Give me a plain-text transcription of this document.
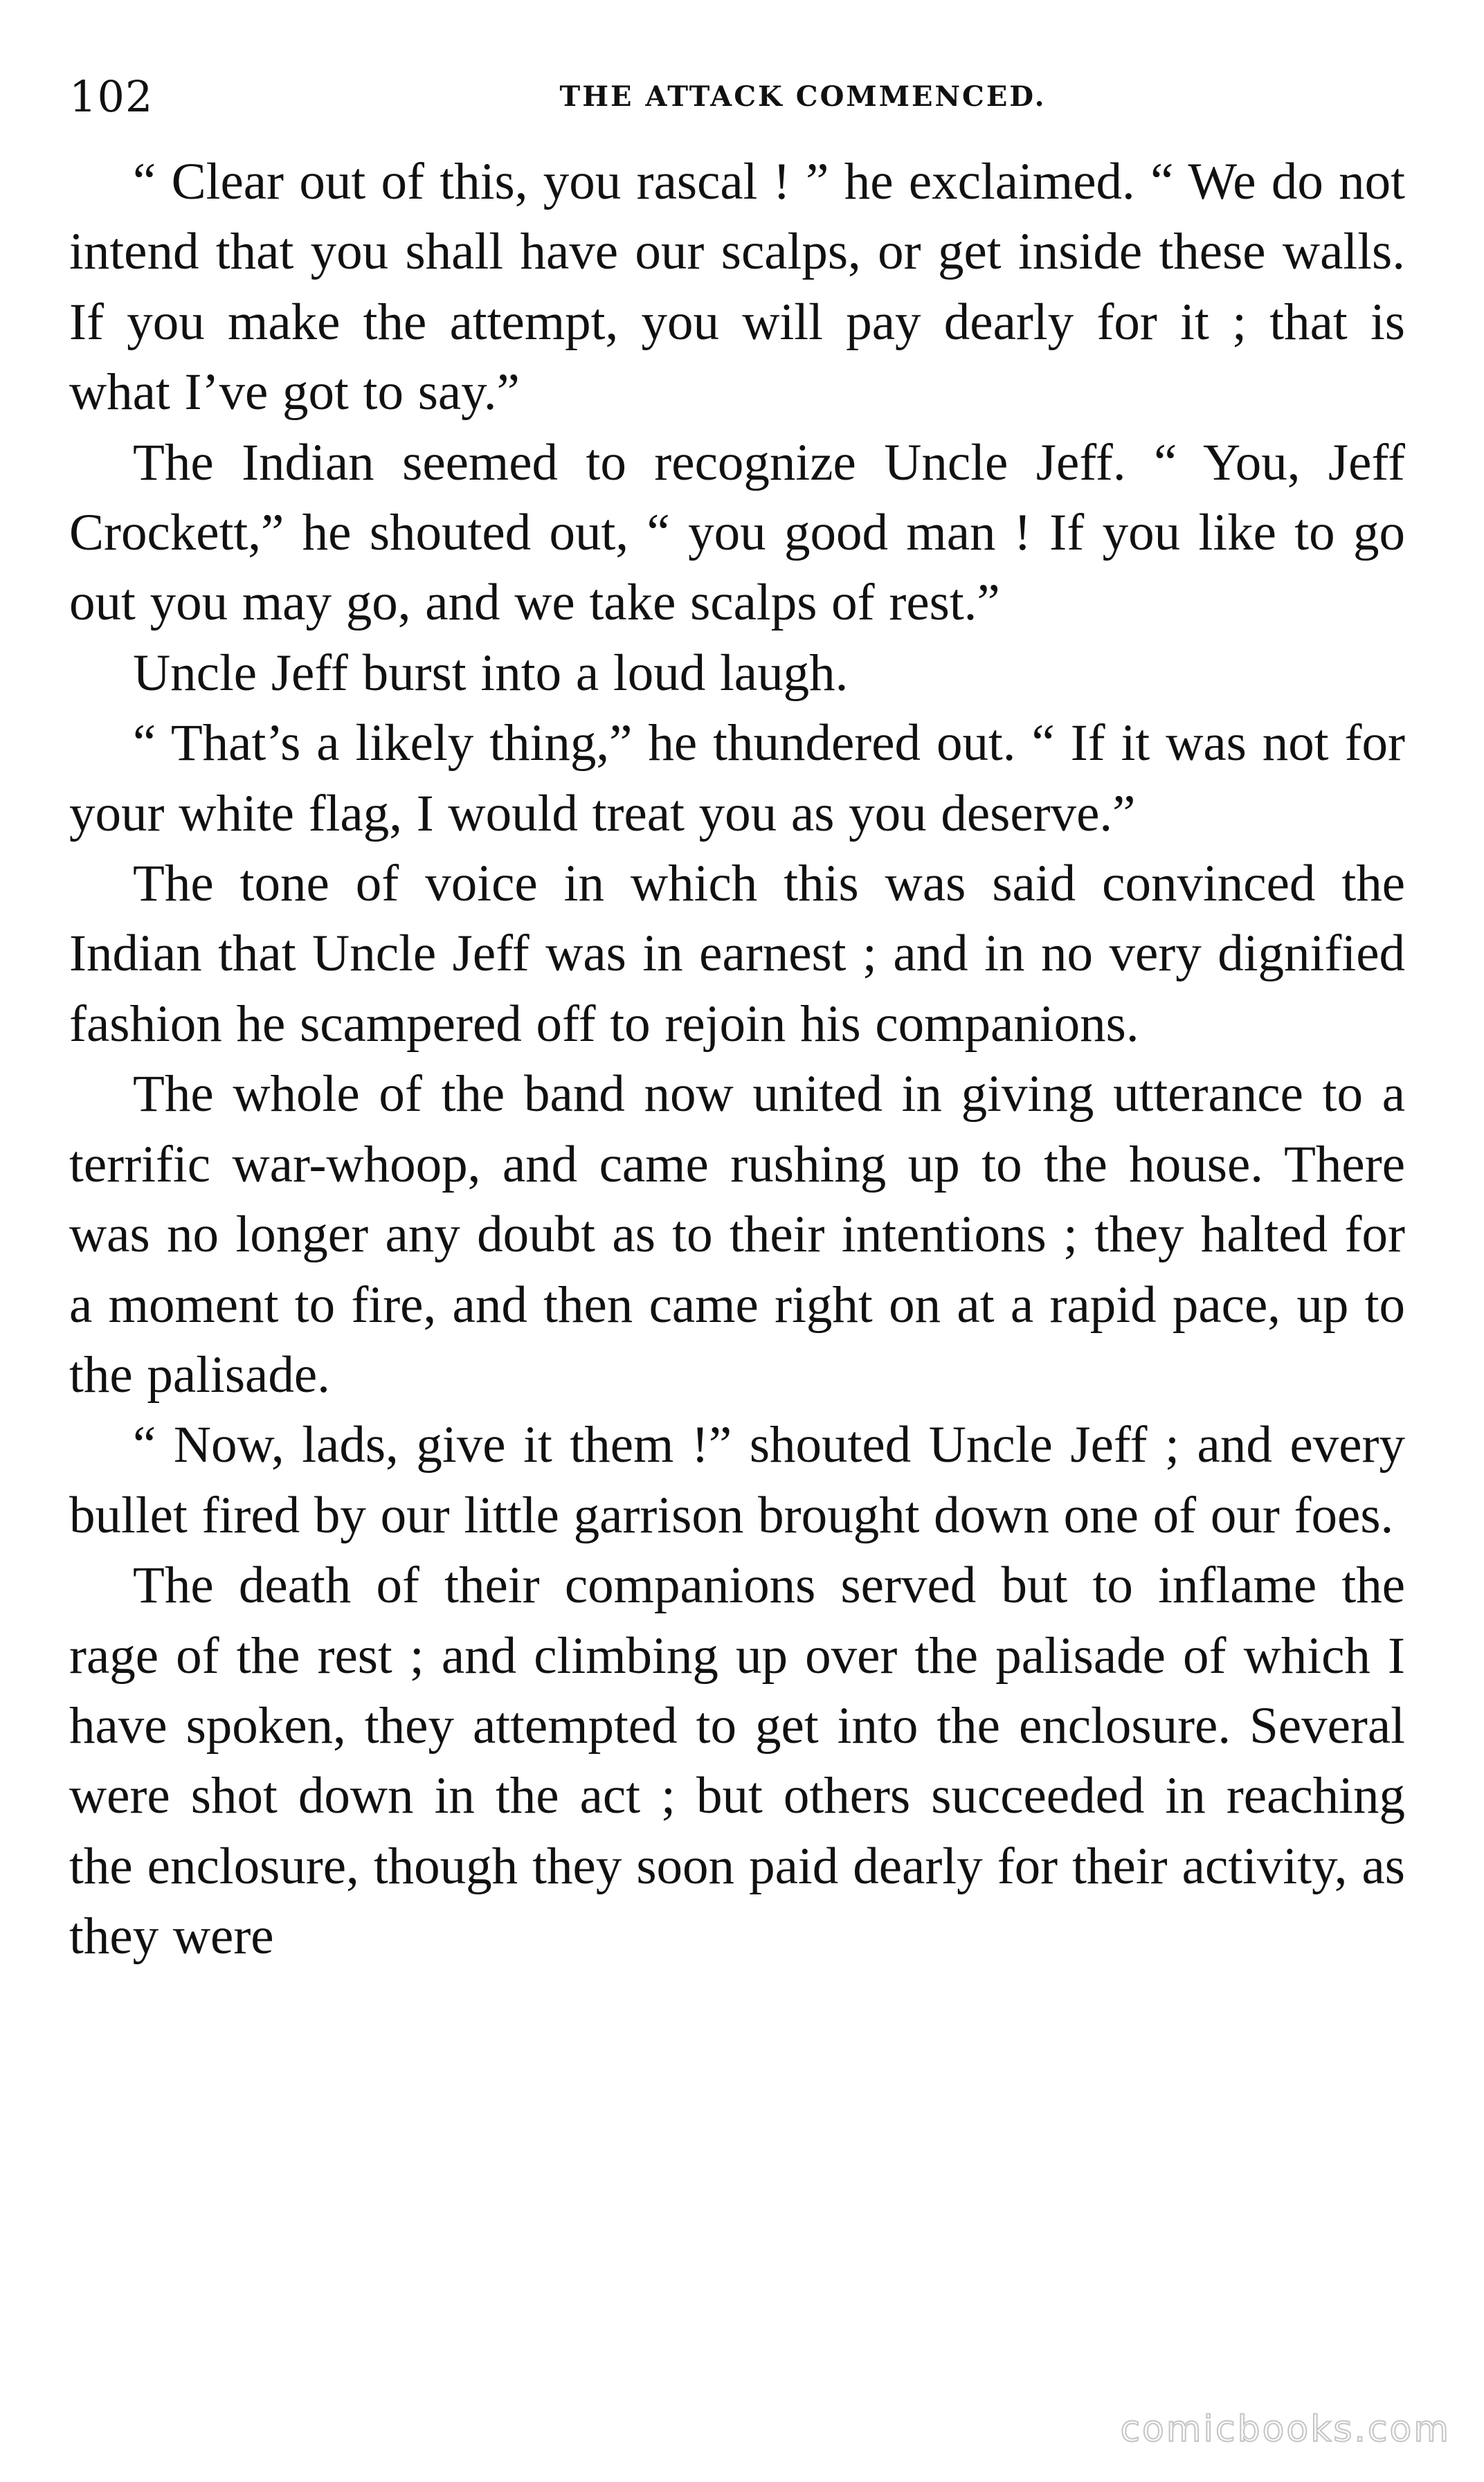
102	THE ATTACK COMMENCED.

“ Clear out of this, you rascal ! ” he exclaimed. “ We do not intend that you shall have our scalps, or get inside these walls. If you make the attempt, you will pay dearly for it ; that is what I’ve got to say.”

The Indian seemed to recognize Uncle Jeff. “ You, Jeff Crockett,” he shouted out, “ you good man ! If you like to go out you may go, and we take scalps of rest.”

Uncle Jeff burst into a loud laugh.

“ That’s a likely thing,” he thundered out. “ If it was not for your white flag, I would treat you as you deserve.”

The tone of voice in which this was said convinced the Indian that Uncle Jeff was in earnest ; and in no very dignified fashion he scampered off to rejoin his companions.

The whole of the band now united in giving utterance to a terrific war-whoop, and came rushing up to the house. There was no longer any doubt as to their intentions ; they halted for a moment to fire, and then came right on at a rapid pace, up to the palisade.

“ Now, lads, give it them !” shouted Uncle Jeff ; and every bullet fired by our little garrison brought down one of our foes.

The death of their companions served but to inflame the rage of the rest ; and climbing up over the palisade of which I have spoken, they attempted to get into the enclosure. Several were shot down in the act ; but others succeeded in reaching the enclosure, though they soon paid dearly for their activity, as they were

comicbooks.com
